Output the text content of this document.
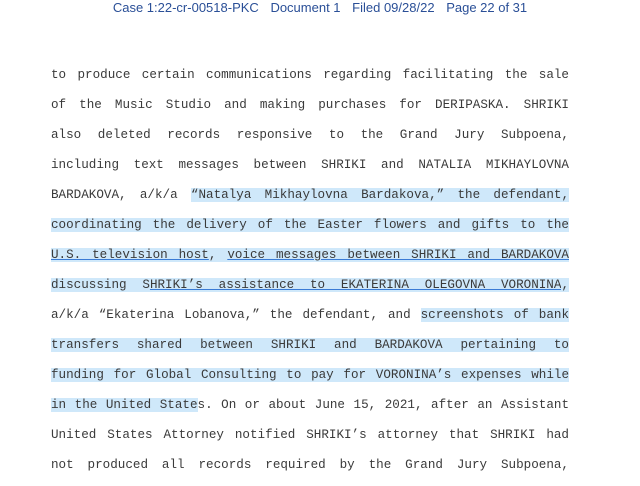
Case 1:22-cr-00518-PKC Document 1 Filed 09/28/22 Page 22 of 31
to produce certain communications regarding facilitating the sale
of the Music Studio and making purchases for DERIPASKA. SHRIKI
also deleted records responsive to the Grand Jury Subpoena,
including text messages between SHRIKI and NATALIA MIKHAYLOVNA
BARDAKOVA, a/k/a “Natalya Mikhaylovna Bardakova,” the defendant,
coordinating the delivery of the Easter flowers and gifts to the
U.S. television host, voice messages between SHRIKI and BARDAKOVA
discussing SHRIKI’s assistance to EKATERINA OLEGOVNA VORONINA,
a/k/a “Ekaterina Lobanova,” the defendant, and screenshots of bank
transfers shared between SHRIKI and BARDAKOVA pertaining to
funding for Global Consulting to pay for VORONINA’s expenses while
in the United States. On or about June 15, 2021, after an Assistant
United States Attorney notified SHRIKI’s attorney that SHRIKI had
not produced all records required by the Grand Jury Subpoena,
